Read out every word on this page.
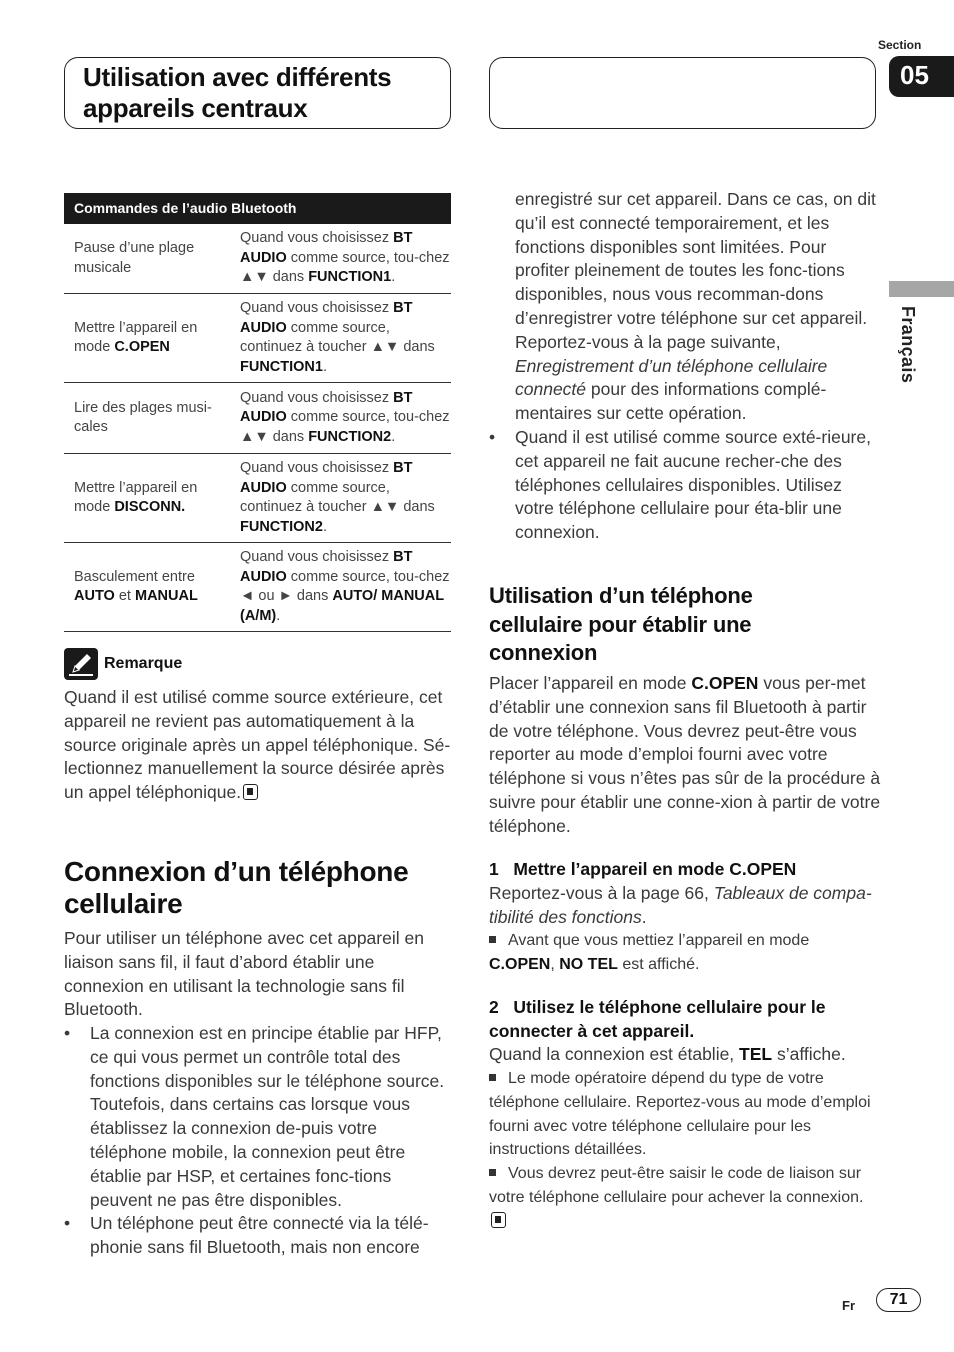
Utilisation avec différents
appareils centraux
Section
05
Français
Commandes de l’audio Bluetooth
Pause d’une plage musicale
Quand vous choisissez BT AUDIO comme source, tou-chez ▲▼ dans FUNCTION1.
Mettre l’appareil en mode C.OPEN
Quand vous choisissez BT AUDIO comme source, continuez à toucher ▲▼ dans FUNCTION1.
Lire des plages musi-cales
Quand vous choisissez BT AUDIO comme source, tou-chez ▲▼ dans FUNCTION2.
Mettre l’appareil en mode DISCONN.
Quand vous choisissez BT AUDIO comme source, continuez à toucher ▲▼ dans FUNCTION2.
Basculement entre AUTO et MANUAL
Quand vous choisissez BT AUDIO comme source, tou-chez ◄ ou ► dans AUTO/ MANUAL (A/M).
Remarque
Quand il est utilisé comme source extérieure, cet appareil ne revient pas automatiquement à la source originale après un appel téléphonique. Sé-lectionnez manuellement la source désirée après un appel téléphonique.
Connexion d’un téléphone
cellulaire
Pour utiliser un téléphone avec cet appareil en liaison sans fil, il faut d’abord établir une connexion en utilisant la technologie sans fil Bluetooth.
• La connexion est en principe établie par HFP, ce qui vous permet un contrôle total des fonctions disponibles sur le téléphone source. Toutefois, dans certains cas lorsque vous établissez la connexion de-puis votre téléphone mobile, la connexion peut être établie par HSP, et certaines fonc-tions peuvent ne pas être disponibles.
• Un téléphone peut être connecté via la télé-phonie sans fil Bluetooth, mais non encore
enregistré sur cet appareil. Dans ce cas, on dit qu’il est connecté temporairement, et les fonctions disponibles sont limitées. Pour profiter pleinement de toutes les fonc-tions disponibles, nous vous recomman-dons d’enregistrer votre téléphone sur cet appareil. Reportez-vous à la page suivante, Enregistrement d’un téléphone cellulaire connecté pour des informations complé-mentaires sur cette opération.
• Quand il est utilisé comme source exté-rieure, cet appareil ne fait aucune recher-che des téléphones cellulaires disponibles. Utilisez votre téléphone cellulaire pour éta-blir une connexion.
Utilisation d’un téléphone
cellulaire pour établir une
connexion
Placer l’appareil en mode C.OPEN vous per-met d’établir une connexion sans fil Bluetooth à partir de votre téléphone. Vous devrez peut-être vous reporter au mode d’emploi fourni avec votre téléphone si vous n’êtes pas sûr de la procédure à suivre pour établir une conne-xion à partir de votre téléphone.
1 Mettre l’appareil en mode C.OPEN
Reportez-vous à la page 66, Tableaux de compa-tibilité des fonctions.
Avant que vous mettiez l’appareil en mode C.OPEN, NO TEL est affiché.
2 Utilisez le téléphone cellulaire pour le
connecter à cet appareil.
Quand la connexion est établie, TEL s’affiche.
Le mode opératoire dépend du type de votre téléphone cellulaire. Reportez-vous au mode d’emploi fourni avec votre téléphone cellulaire pour les instructions détaillées.
Vous devrez peut-être saisir le code de liaison sur votre téléphone cellulaire pour achever la connexion.
Fr	71
